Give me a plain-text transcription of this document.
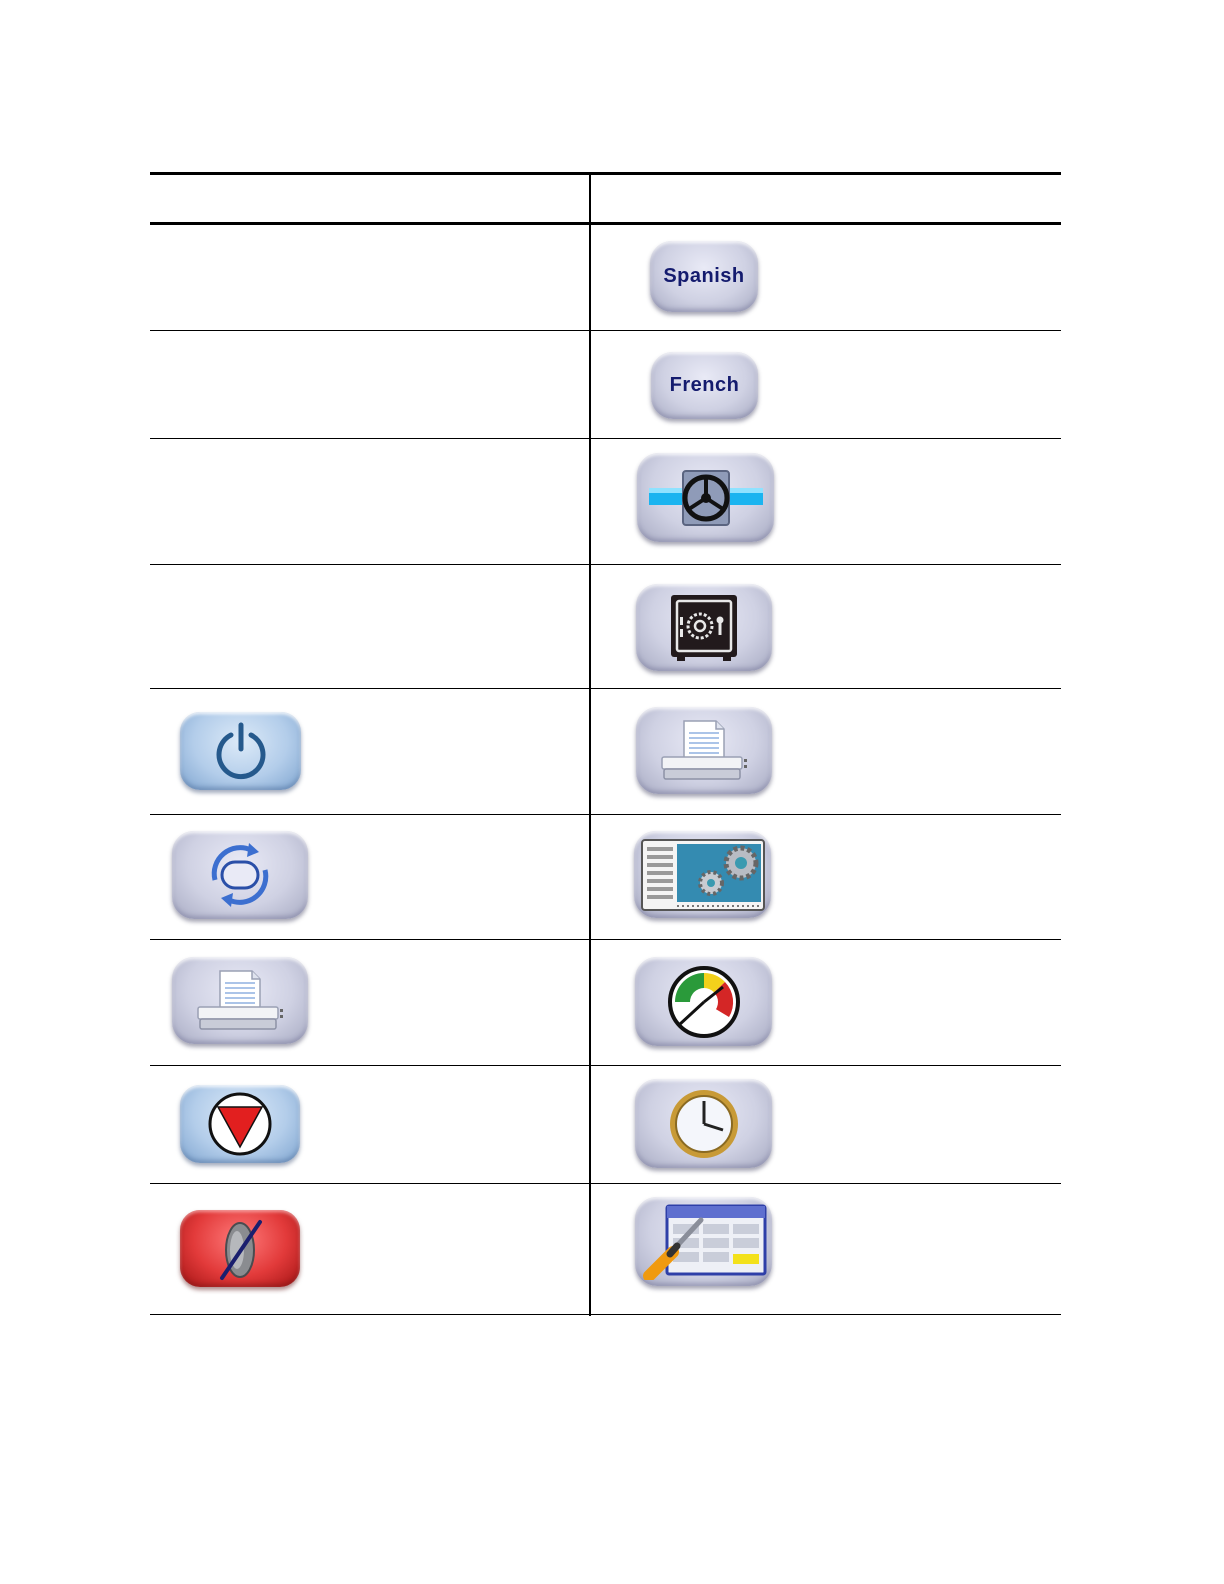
Spanish
French
